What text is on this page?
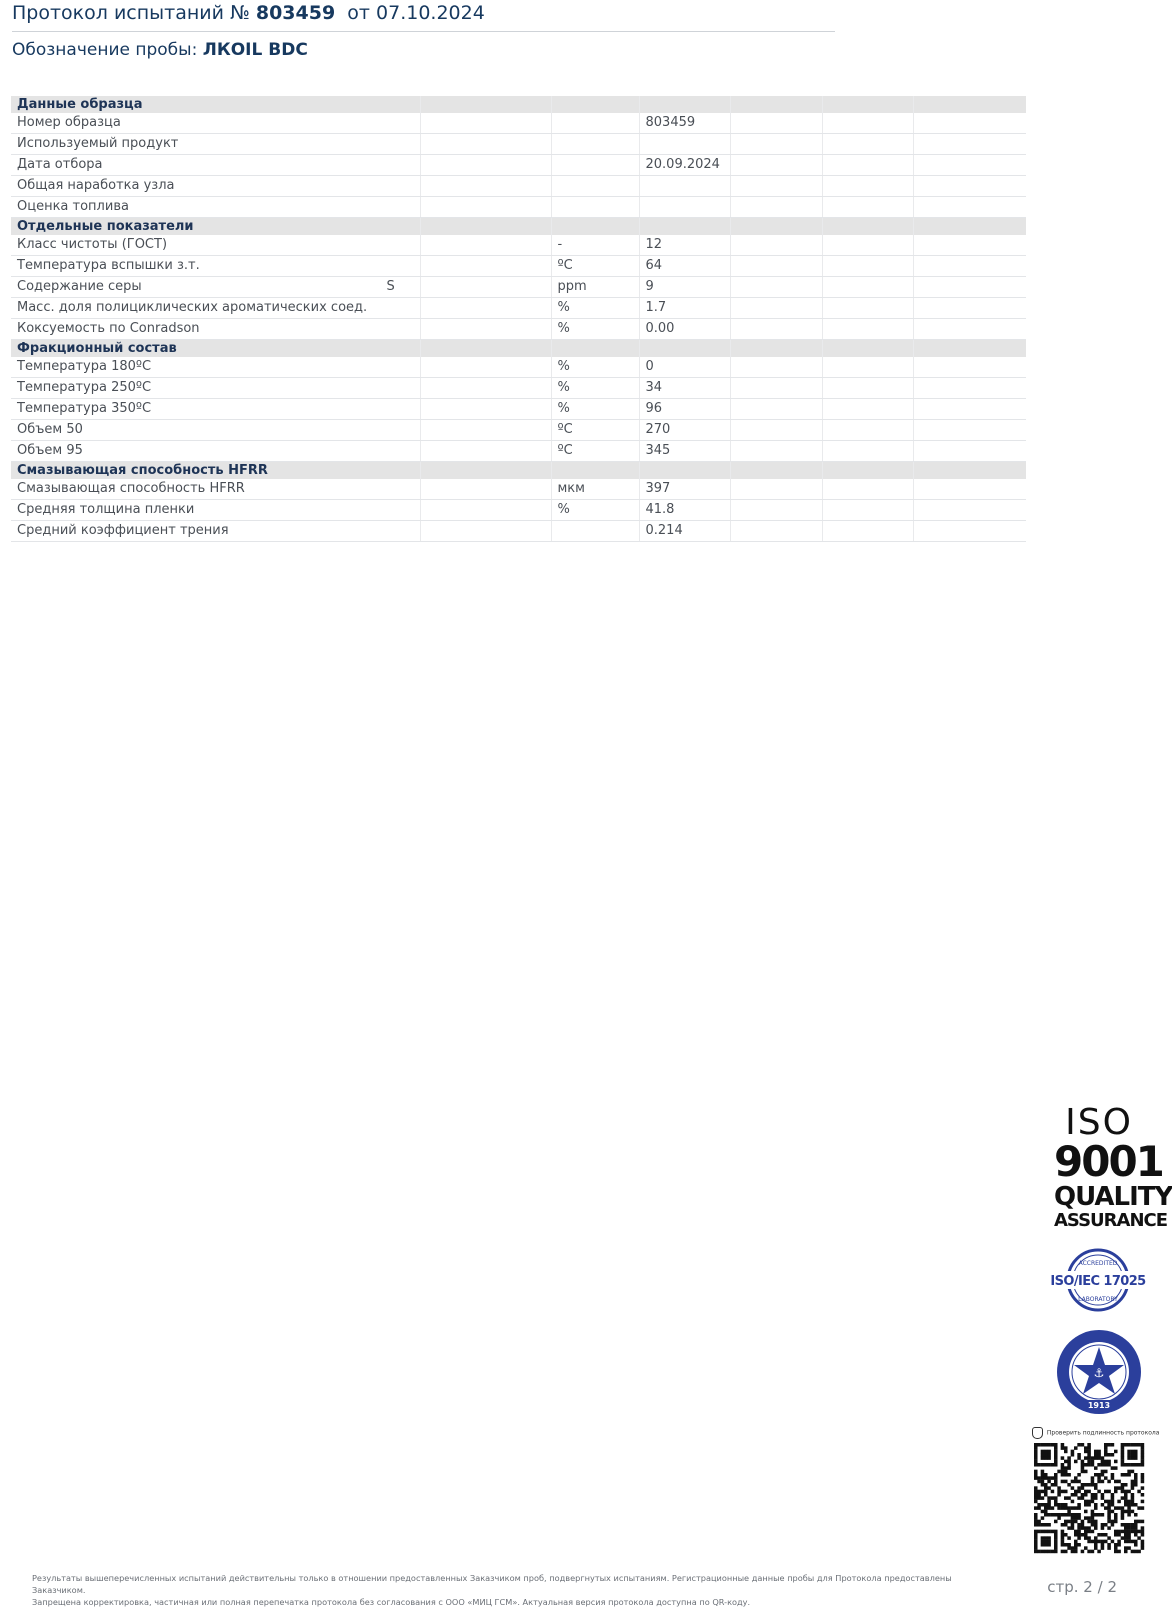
Протокол испытаний № 803459 от 07.10.2024
Обозначение пробы: ЛКOIL BDC
Данные образца						
Номер образца			803459			
Используемый продукт						
Дата отбора			20.09.2024			
Общая наработка узла						
Оценка топлива						
Отдельные показатели						
Класс чистоты (ГОСТ)		-	12			
Температура вспышки з.т.		ºС	64			
Содержание серы	S	ppm	9			
Масс. доля полициклических ароматических соед.		%	1.7			
Коксуемость по Conradson		%	0.00			
Фракционный состав						
Температура 180ºС		%	0			
Температура 250ºС		%	34			
Температура 350ºС		%	96			
Объем 50		ºС	270			
Объем 95		ºС	345			
Смазывающая способность HFRR						
Смазывающая способность HFRR		мкм	397			
Средняя толщина пленки		%	41.8			
Средний коэффициент трения			0.214			
ISO
9001
QUALITY
ASSURANCE
ISO/IEC 17025
ACCREDITED
LABORATORY
⚓
1913
Проверить подлинность протокола
Результаты вышеперечисленных испытаний действительны только в отношении предоставленных Заказчиком проб, подвергнутых испытаниям. Регистрационные данные пробы для Протокола предоставлены Заказчиком.
Запрещена корректировка, частичная или полная перепечатка протокола без согласования с ООО «МИЦ ГСМ». Актуальная версия протокола доступна по QR-коду.
стр. 2 / 2
